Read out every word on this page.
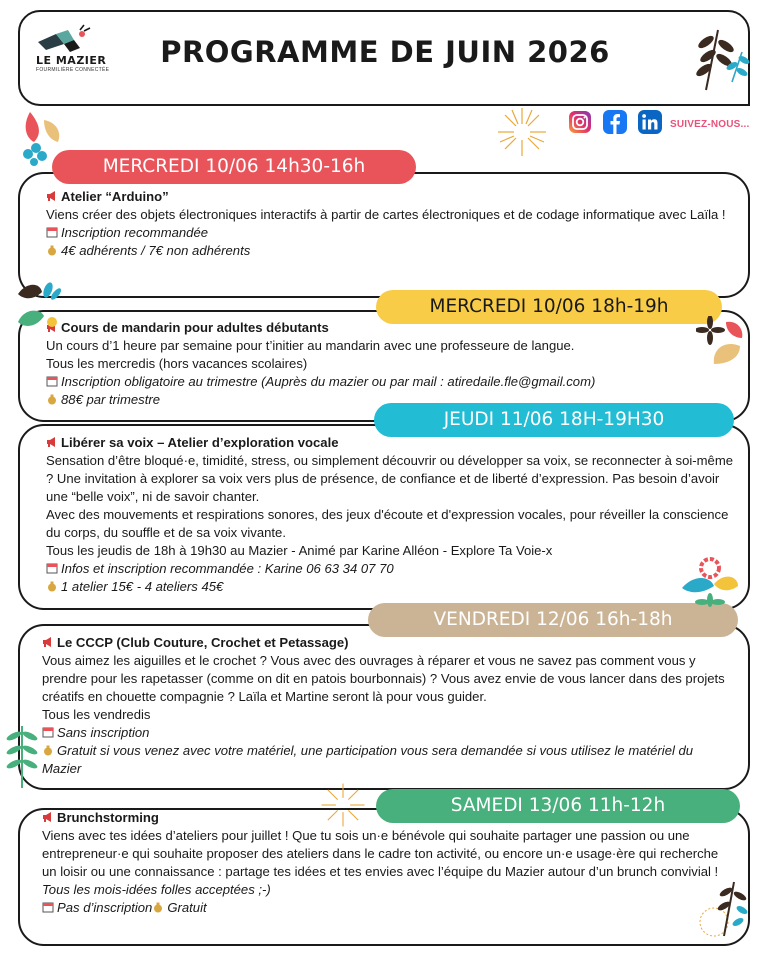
LE MAZIER
FOURMILIÈRE CONNECTÉE
PROGRAMME DE JUIN 2026
SUIVEZ-NOUS...
MERCREDI 10/06 14h30-16h
Atelier “Arduino”
Viens créer des objets électroniques interactifs à partir de cartes électroniques et de codage informatique avec Laïla !
Inscription recommandée
4€ adhérents / 7€ non adhérents
MERCREDI 10/06 18h-19h
Cours de mandarin pour adultes débutants
Un cours d’1 heure par semaine pour t’initier au mandarin avec une professeure de langue.
Tous les mercredis (hors vacances scolaires)
Inscription obligatoire au trimestre (Auprès du mazier ou par mail : atiredaile.fle@gmail.com)
88€ par trimestre
JEUDI 11/06 18H-19H30
Libérer sa voix – Atelier d’exploration vocale
Sensation d’être bloqué·e, timidité, stress, ou simplement découvrir ou développer sa voix, se reconnecter à soi-même ? Une invitation à explorer sa voix vers plus de présence, de confiance et de liberté d’expression. Pas besoin d’avoir une “belle voix”, ni de savoir chanter.
Avec des mouvements et respirations sonores, des jeux d'écoute et d'expression vocales, pour réveiller la conscience du corps, du souffle et de sa voix vivante.
Tous les jeudis de 18h à 19h30 au Mazier - Animé par Karine Alléon - Explore Ta Voie-x
Infos et inscription recommandée : Karine 06 63 34 07 70
1 atelier 15€ - 4 ateliers 45€
VENDREDI 12/06 16h-18h
Le CCCP (Club Couture, Crochet et Petassage)
Vous aimez les aiguilles et le crochet ? Vous avec des ouvrages à réparer et vous ne savez pas comment vous y prendre pour les rapetasser (comme on dit en patois bourbonnais) ? Vous avez envie de vous lancer dans des projets créatifs en chouette compagnie ? Laïla et Martine seront là pour vous guider.
Tous les vendredis
Sans inscription
Gratuit si vous venez avec votre matériel, une participation vous sera demandée si vous utilisez le matériel du Mazier
SAMEDI 13/06 11h-12h
Brunchstorming
Viens avec tes idées d’ateliers pour juillet ! Que tu sois un·e bénévole qui souhaite partager une passion ou une entrepreneur·e qui souhaite proposer des ateliers dans le cadre ton activité, ou encore un·e usage·ère qui recherche un loisir ou une connaissance : partage tes idées et tes envies avec l’équipe du Mazier autour d’un brunch convivial !
Tous les mois-idées folles acceptées ;-)
Pas d’inscription Gratuit
